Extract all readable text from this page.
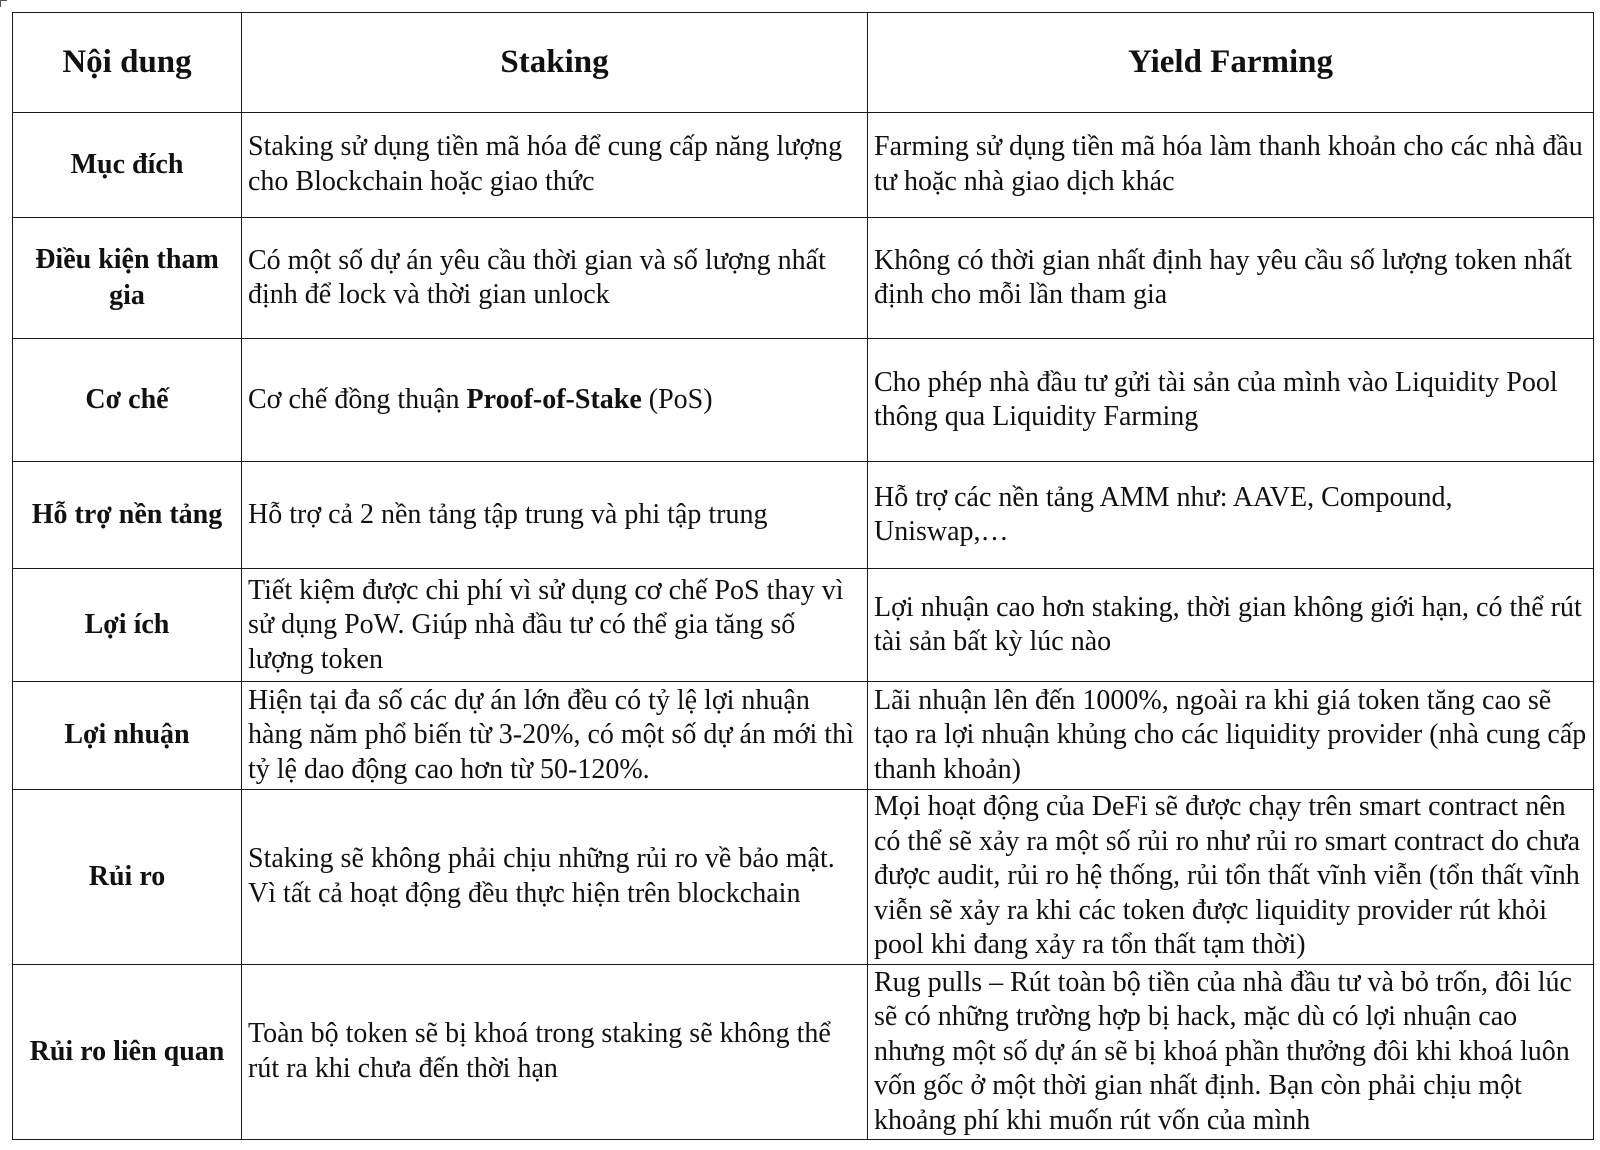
Nội dung	Staking	Yield Farming
Mục đích	Staking sử dụng tiền mã hóa để cung cấp năng lượng cho Blockchain hoặc giao thức	Farming sử dụng tiền mã hóa làm thanh khoản cho các nhà đầu tư hoặc nhà giao dịch khác
Điều kiện tham gia	Có một số dự án yêu cầu thời gian và số lượng nhất định để lock và thời gian unlock	Không có thời gian nhất định hay yêu cầu số lượng token nhất định cho mỗi lần tham gia
Cơ chế	Cơ chế đồng thuận Proof-of-Stake (PoS)	Cho phép nhà đầu tư gửi tài sản của mình vào Liquidity Pool thông qua Liquidity Farming
Hỗ trợ nền tảng	Hỗ trợ cả 2 nền tảng tập trung và phi tập trung	Hỗ trợ các nền tảng AMM như: AAVE, Compound, Uniswap,…
Lợi ích	Tiết kiệm được chi phí vì sử dụng cơ chế PoS thay vì sử dụng PoW. Giúp nhà đầu tư có thể gia tăng số lượng token	Lợi nhuận cao hơn staking, thời gian không giới hạn, có thể rút tài sản bất kỳ lúc nào
Lợi nhuận	Hiện tại đa số các dự án lớn đều có tỷ lệ lợi nhuận hàng năm phổ biến từ 3-20%, có một số dự án mới thì tỷ lệ dao động cao hơn từ 50-120%.	Lãi nhuận lên đến 1000%, ngoài ra khi giá token tăng cao sẽ tạo ra lợi nhuận khủng cho các liquidity provider (nhà cung cấp thanh khoản)
Rủi ro	Staking sẽ không phải chịu những rủi ro về bảo mật. Vì tất cả hoạt động đều thực hiện trên blockchain	Mọi hoạt động của DeFi sẽ được chạy trên smart contract nên có thể sẽ xảy ra một số rủi ro như rủi ro smart contract do chưa được audit, rủi ro hệ thống, rủi tổn thất vĩnh viễn (tổn thất vĩnh viễn sẽ xảy ra khi các token được liquidity provider rút khỏi pool khi đang xảy ra tổn thất tạm thời)
Rủi ro liên quan	Toàn bộ token sẽ bị khoá trong staking sẽ không thể rút ra khi chưa đến thời hạn	Rug pulls – Rút toàn bộ tiền của nhà đầu tư và bỏ trốn, đôi lúc sẽ có những trường hợp bị hack, mặc dù có lợi nhuận cao nhưng một số dự án sẽ bị khoá phần thưởng đôi khi khoá luôn vốn gốc ở một thời gian nhất định. Bạn còn phải chịu một khoảng phí khi muốn rút vốn của mình
